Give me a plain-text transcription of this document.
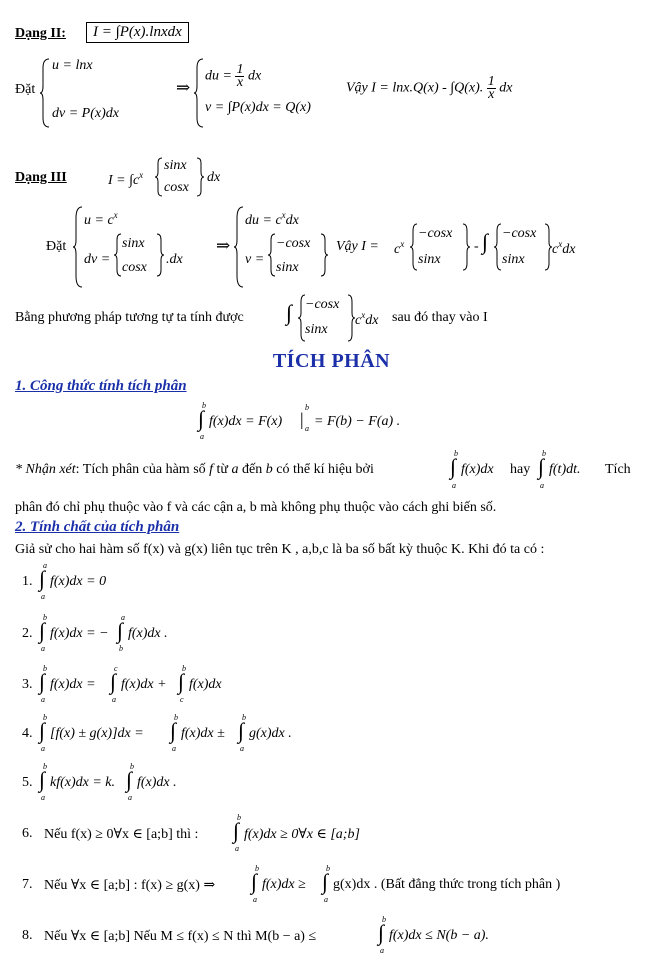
Dạng II:	I = ∫P(x).lnxdx
Đặt
u = lnx
dv = P(x)dx
⇒
du = $\frac{1}{x}$ dx
v = ∫P(x)dx = Q(x)
Vậy I = lnx.Q(x) - ∫Q(x). $\frac{1}{x}$ dx
Dạng III	$I = \int c^x$
sinx
cosx
dx
Đặt
$u = c^x$
dv =
sinx
cosx
.dx
⇒
du = $c^xdx$
v =
−cosx
sinx
Vậy $I = c^x$
−cosx
sinx
- ∫ −cosx
sinx
$c^xdx$
Bằng phương pháp tương tự ta tính được ∫ −cosx
sinx
$c^xdx$ sau đó thay vào I
TÍCH PHÂN
1. Công thức tính tích phân
∫
b
a
f(x)dx = F(x) |
b
a = F(b) − F(a) .
* Nhận xét: Tích phân của hàm số f từ a đến b có thể kí hiệu bởi	∫
b
a
f(x)dx hay ∫
b
a
f(t)dt. Tích
phân đó chỉ phụ thuộc vào f và các cận a, b mà không phụ thuộc vào cách ghi biến số.
2. Tính chất của tích phân
Giả sử cho hai hàm số f(x) và g(x) liên tục trên K , a,b,c là ba số bất kỳ thuộc K. Khi đó ta có :
1. ∫
a
a
f(x)dx = 0
2. ∫
b
a
f(x)dx = − ∫
a
b
f(x)dx .
3. ∫
b
a
f(x)dx = ∫
c
a
f(x)dx + ∫
b
c
f(x)dx
4. ∫
b
a
[f(x) ± g(x)]dx = ∫
b
a
f(x)dx ± ∫
b
a
g(x)dx .
5. ∫
b
a
kf(x)dx = k. ∫
b
a
f(x)dx .
6. Nếu f(x) ≥ 0∀x ∈ [a;b] thì : ∫
b
a
f(x)dx ≥ 0∀x ∈ [a;b]
7. Nếu ∀x ∈ [a;b] : f(x) ≥ g(x) ⇒ ∫
b
a
f(x)dx ≥ ∫
b
a
g(x)dx . (Bất đẳng thức trong tích phân )
8. Nếu ∀x ∈ [a;b] Nếu M ≤ f(x) ≤ N thì M(b − a) ≤	∫
b
a
f(x)dx ≤ N(b − a).
